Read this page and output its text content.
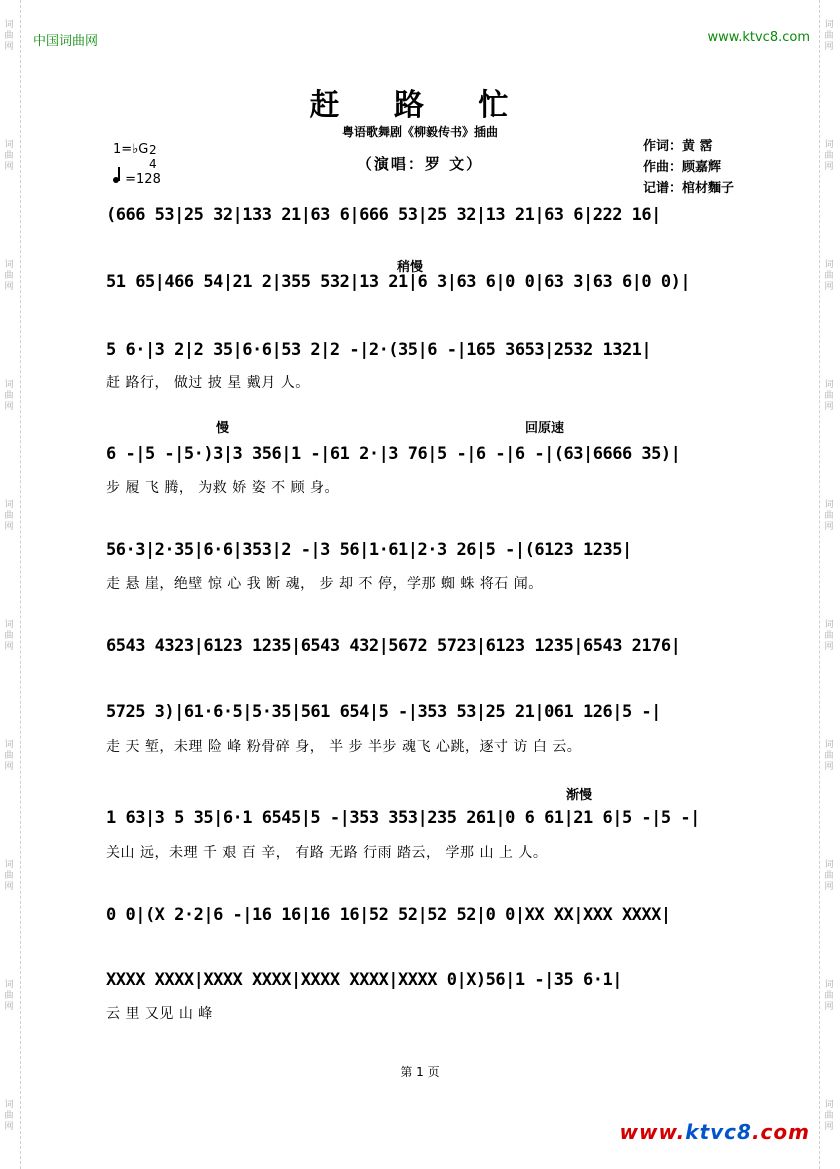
词曲网
词曲网
词曲网
词曲网
词曲网
词曲网
词曲网
词曲网
词曲网
词曲网
词曲网
词曲网
词曲网
词曲网
词曲网
词曲网
词曲网
词曲网
词曲网
词曲网
中国词曲网	www.ktvc8.com
赶 路 忙
粤语歌舞剧《柳毅传书》插曲
（演唱：罗 文）
作词：黄 霑
作曲：顾嘉辉
记谱：棺材麵子
1=♭G 2
4
=128
(666 53|25 32|133 21|63 6|666 53|25 32|13 21|63 6|222 16|
稍慢
51 65|466 54|21 2|355 532|13 21|6 3|63 6|0 0|63 3|63 6|0 0)|
5 6·|3 2|2 35|6·6|53 2|2 -|2·(35|6 -|165 3653|2532 1321|
赶 路行， 做过 披 星 戴月 人。
慢	回原速
6 -|5 -|5·)3|3 356|1 -|61 2·|3 76|5 -|6 -|6 -|(63|6666 35)|
步 履 飞 腾， 为救 娇 姿 不 顾 身。
56·3|2·35|6·6|353|2 -|3 56|1·61|2·3 26|5 -|(6123 1235|
走 悬 崖，绝壁 惊 心 我 断 魂， 步 却 不 停，学那 蜘 蛛 将石 闻。
6543 4323|6123 1235|6543 432|5672 5723|6123 1235|6543 2176|
5725 3)|61·6·5|5·35|561 654|5 -|353 53|25 21|061 126|5 -|
走 天 堑，未理 险 峰 粉骨碎 身， 半 步 半步 魂飞 心跳，逐寸 访 白 云。
渐慢
1 63|3 5 35|6·1 6545|5 -|353 353|235 261|0 6 61|21 6|5 -|5 -|
关山 远，未理 千 艰 百 辛， 有路 无路 行雨 踏云， 学那 山 上 人。
0 0|(X 2·2|6 -|16 16|16 16|52 52|52 52|0 0|XX XX|XXX XXXX|
XXXX XXXX|XXXX XXXX|XXXX XXXX|XXXX 0|X)56|1 -|35 6·1|
云 里 又见 山 峰
第 1 页
www.ktvc8.com
